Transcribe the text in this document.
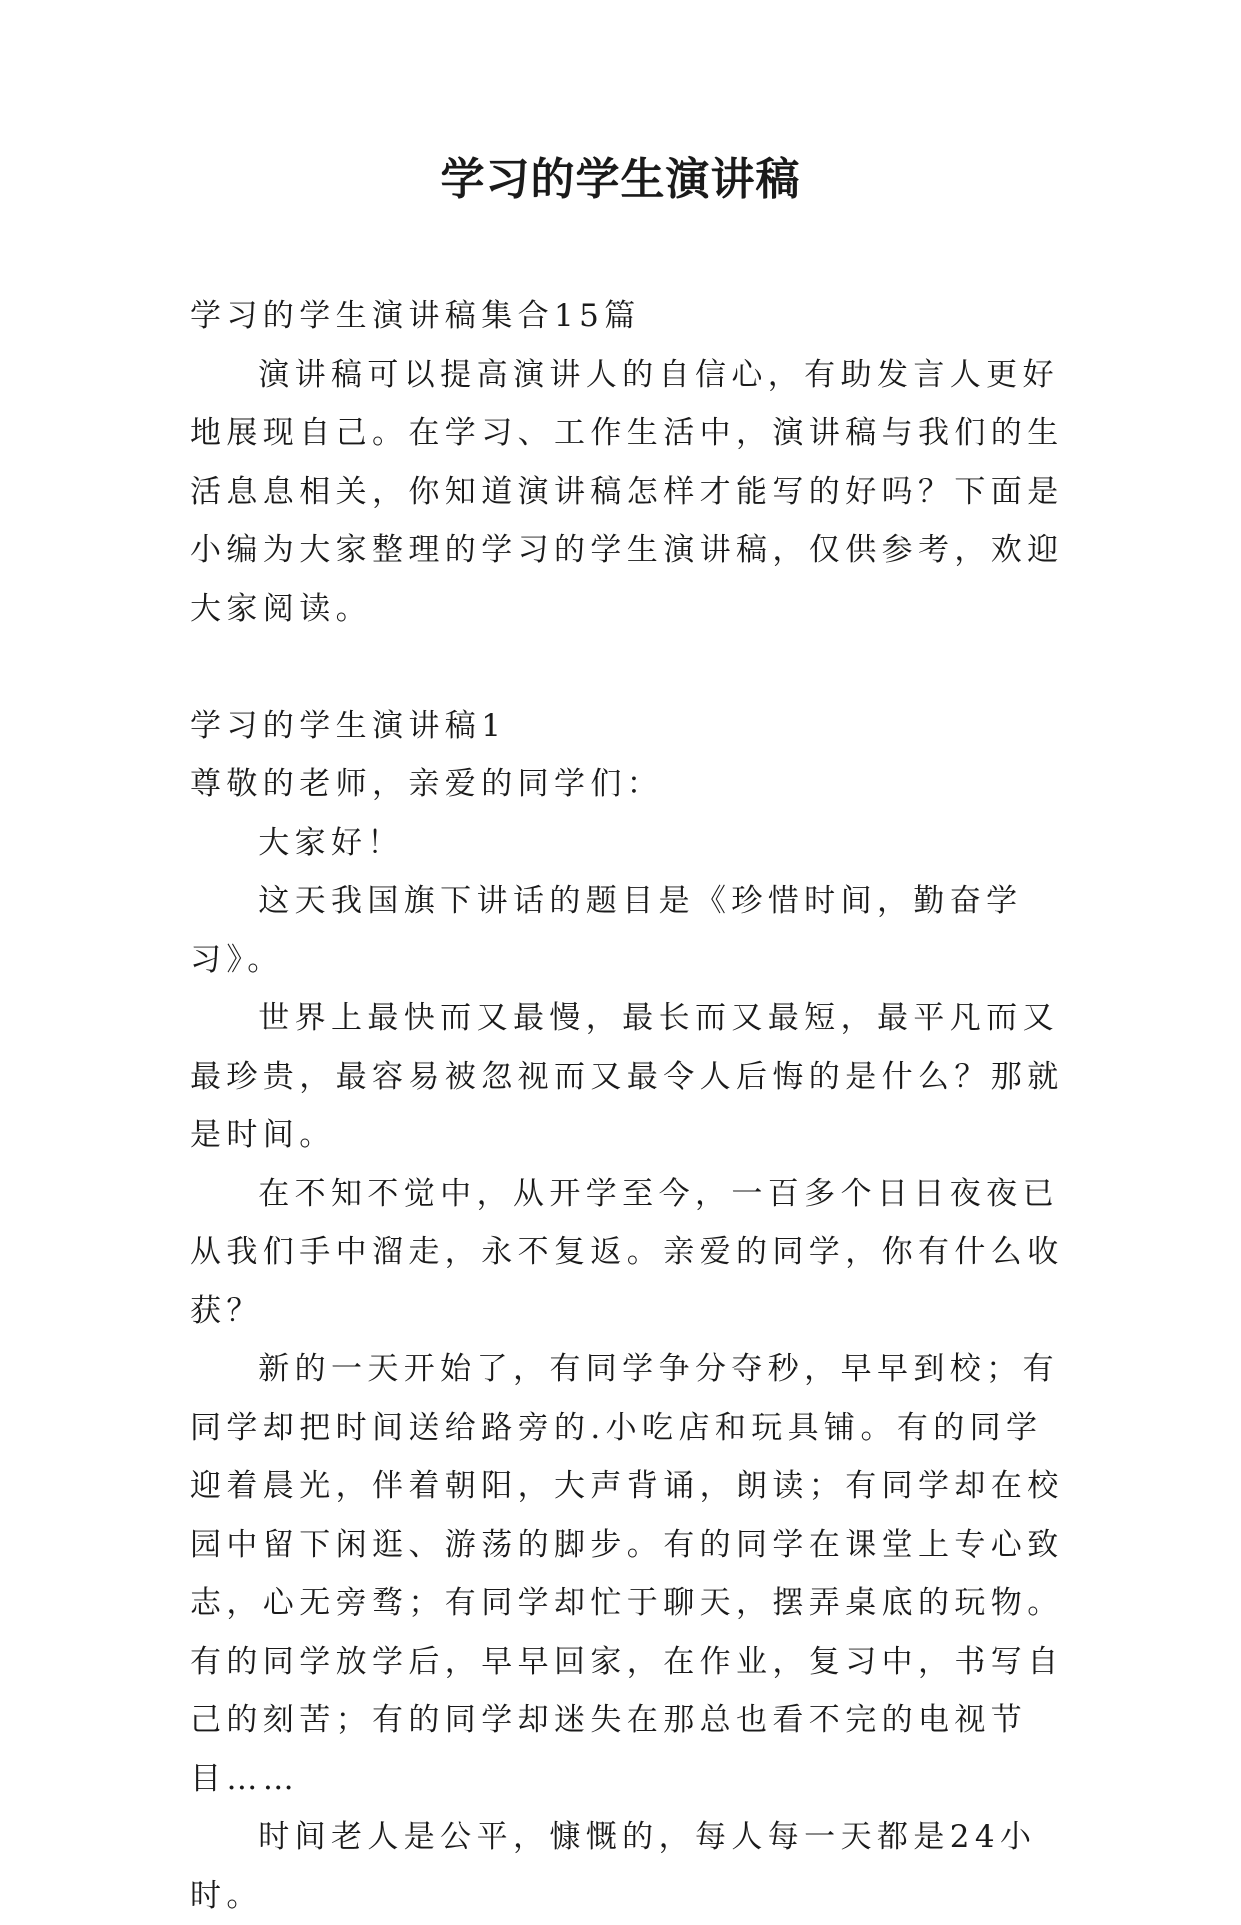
学习的学生演讲稿

学习的学生演讲稿集合15篇

演讲稿可以提高演讲人的自信心，有助发言人更好地展现自己。在学习、工作生活中，演讲稿与我们的生活息息相关，你知道演讲稿怎样才能写的好吗？下面是小编为大家整理的学习的学生演讲稿，仅供参考，欢迎大家阅读。

学习的学生演讲稿1

尊敬的老师，亲爱的同学们：

大家好！

这天我国旗下讲话的题目是《珍惜时间，勤奋学习》。

世界上最快而又最慢，最长而又最短，最平凡而又最珍贵，最容易被忽视而又最令人后悔的是什么？那就是时间。

在不知不觉中，从开学至今，一百多个日日夜夜已从我们手中溜走，永不复返。亲爱的同学，你有什么收获？

新的一天开始了，有同学争分夺秒，早早到校；有同学却把时间送给路旁的.小吃店和玩具铺。有的同学迎着晨光，伴着朝阳，大声背诵，朗读；有同学却在校园中留下闲逛、游荡的脚步。有的同学在课堂上专心致志，心无旁骛；有同学却忙于聊天，摆弄桌底的玩物。有的同学放学后，早早回家，在作业，复习中，书写自己的刻苦；有的同学却迷失在那总也看不完的电视节目……

时间老人是公平，慷慨的，每人每一天都是24小时。
